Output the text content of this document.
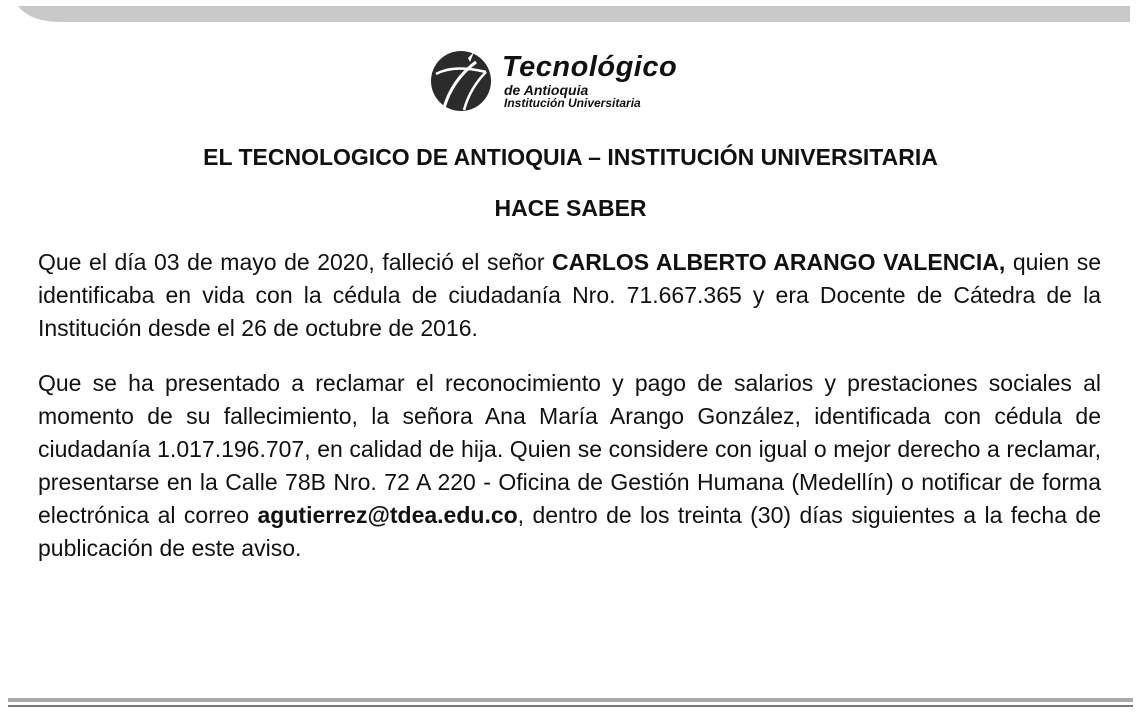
Tecnológico
de Antioquia
Institución Universitaria
EL TECNOLOGICO DE ANTIOQUIA – INSTITUCIÓN UNIVERSITARIA
HACE SABER

Que el día 03 de mayo de 2020, falleció el señor CARLOS ALBERTO ARANGO VALENCIA, quien se identificaba en vida con la cédula de ciudadanía Nro. 71.667.365 y era Docente de Cátedra de la Institución desde el 26 de octubre de 2016.

Que se ha presentado a reclamar el reconocimiento y pago de salarios y prestaciones sociales al momento de su fallecimiento, la señora Ana María Arango González, identificada con cédula de ciudadanía 1.017.196.707, en calidad de hija. Quien se considere con igual o mejor derecho a reclamar, presentarse en la Calle 78B Nro. 72 A 220 - Oficina de Gestión Humana (Medellín) o notificar de forma electrónica al correo agutierrez@tdea.edu.co, dentro de los treinta (30) días siguientes a la fecha de publicación de este aviso.
